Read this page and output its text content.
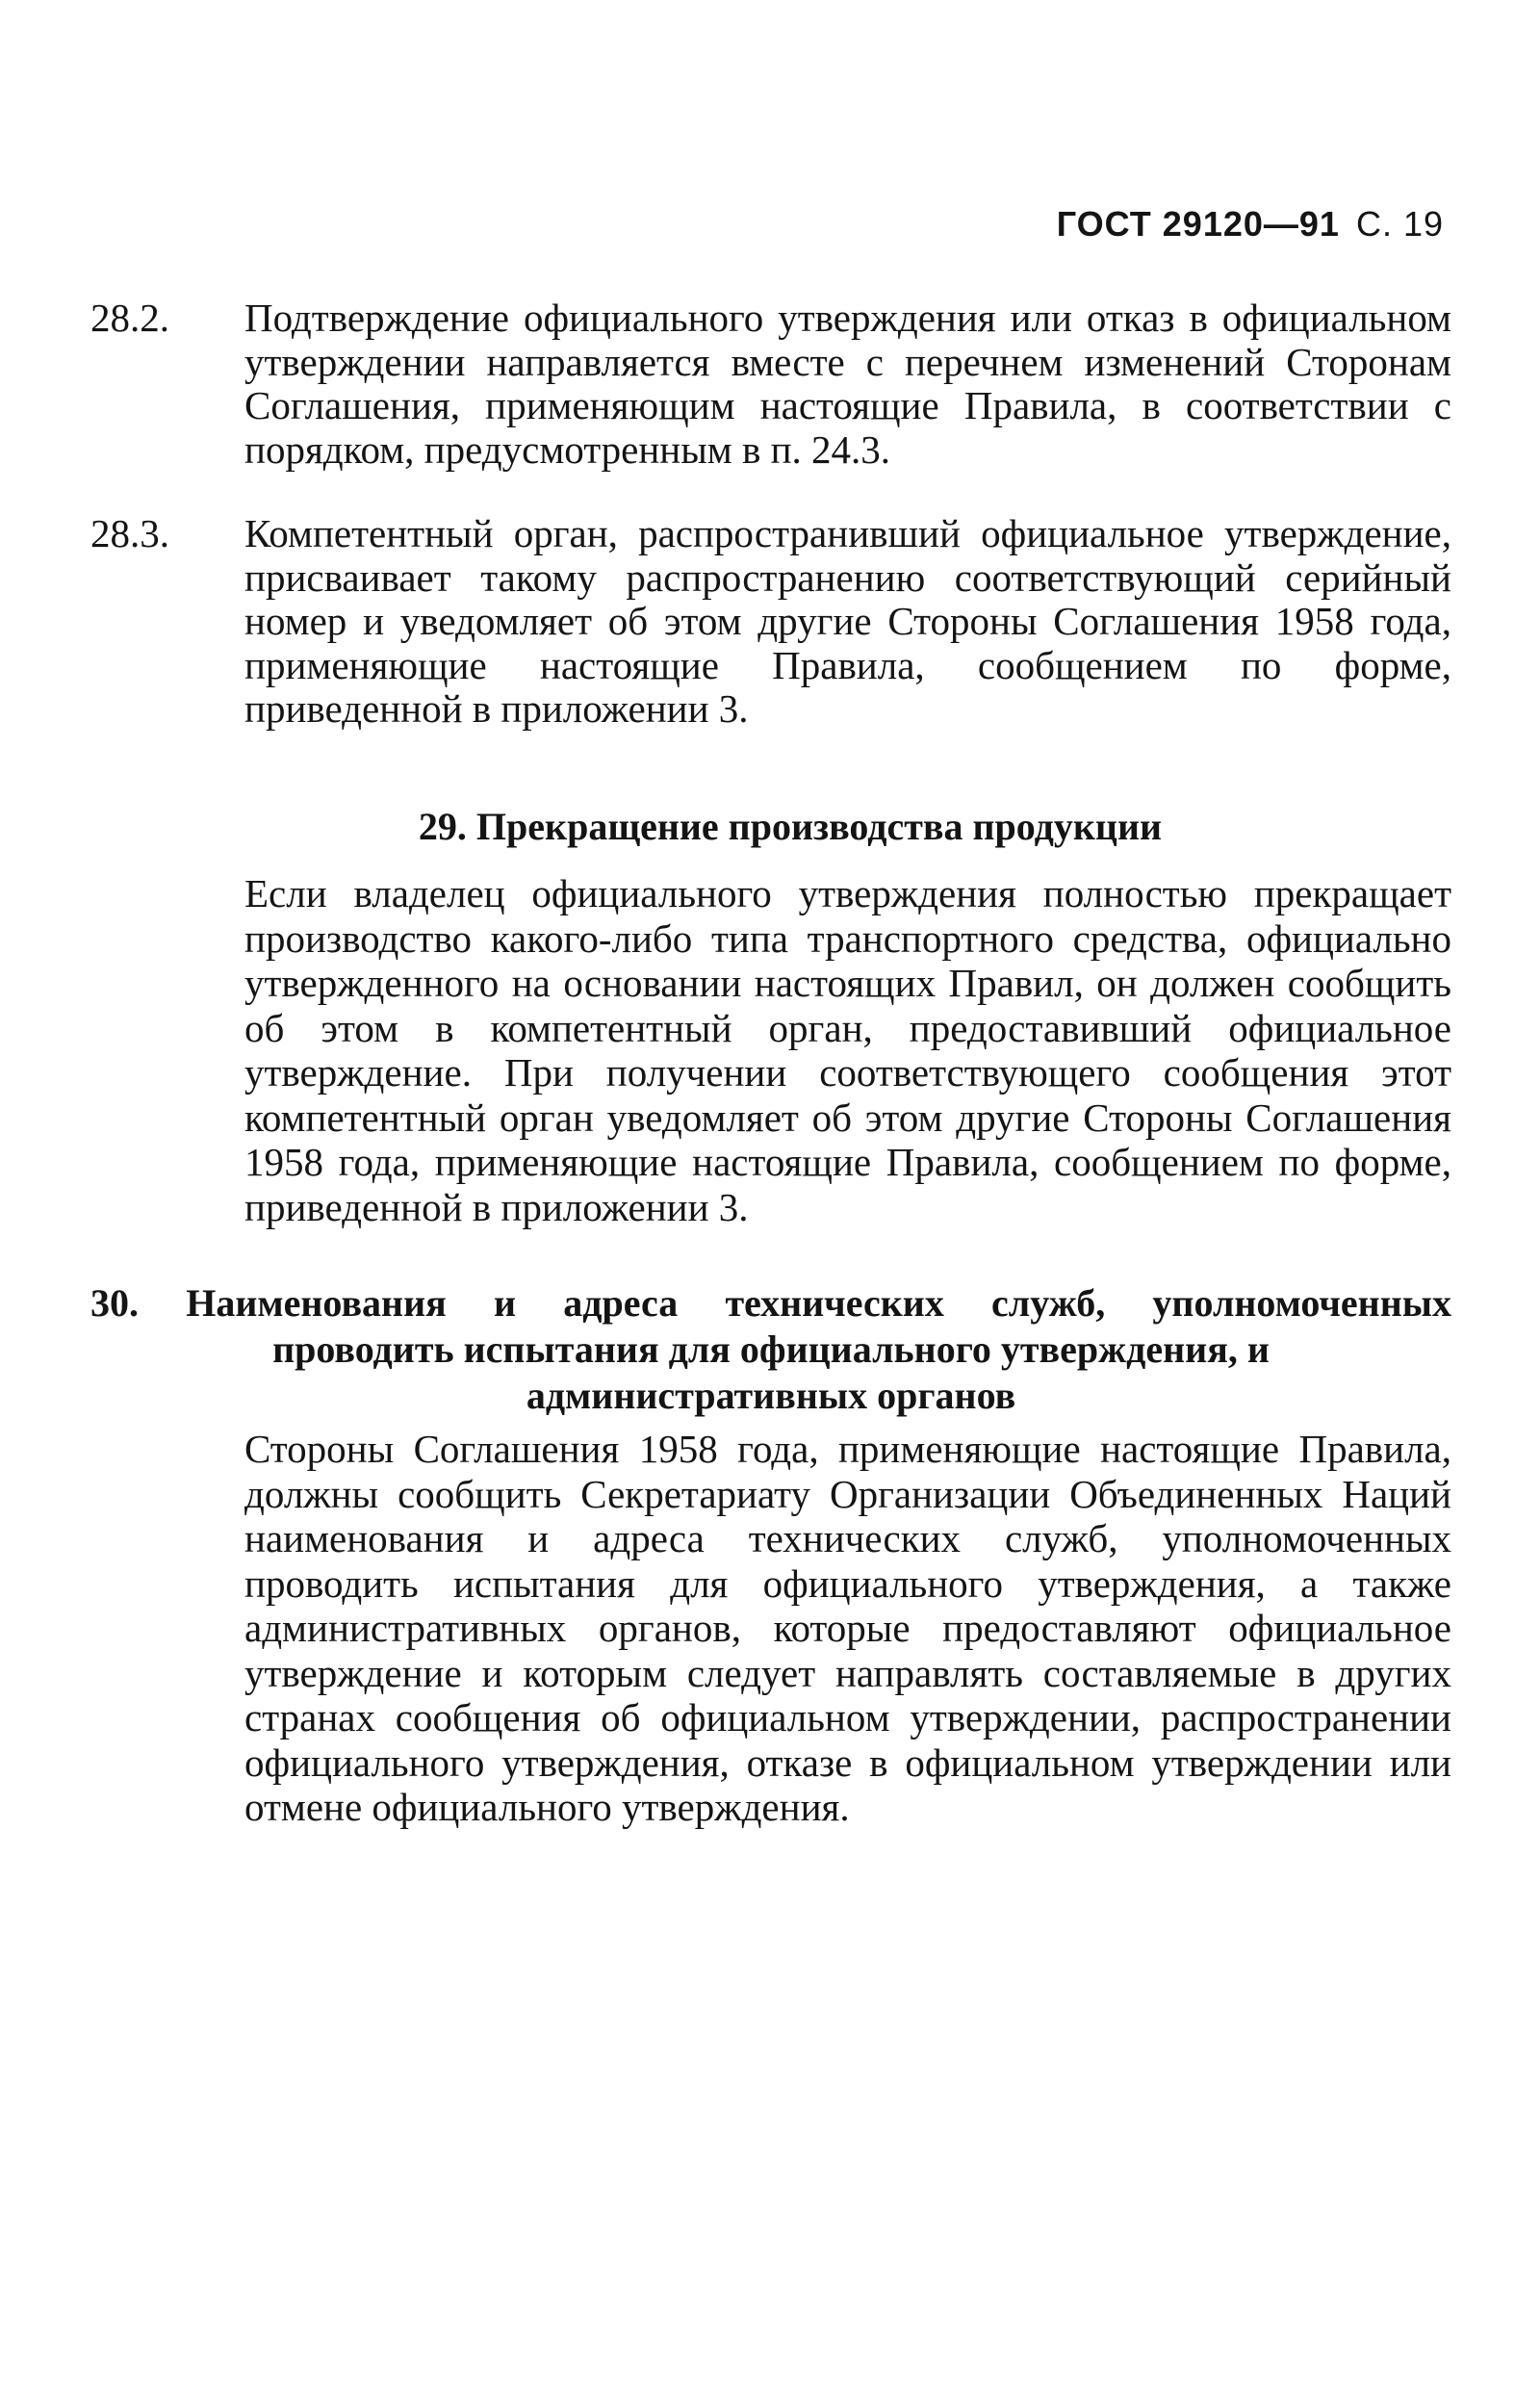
ГОСТ 29120—91 С. 19
28.2. Подтверждение официального утверждения или отказ в официальном утверждении направляется вместе с перечнем изменений Сторонам Соглашения, применяющим настоящие Правила, в соответствии с порядком, предусмотренным в п. 24.3.
28.3. Компетентный орган, распространивший официальное утверждение, присваивает такому распространению соответствующий серийный номер и уведомляет об этом другие Стороны Соглашения 1958 года, применяющие настоящие Правила, сообщением по форме, приведенной в приложении 3.
29. Прекращение производства продукции
Если владелец официального утверждения полностью прекращает производство какого-либо типа транспортного средства, официально утвержденного на основании настоящих Правил, он должен сообщить об этом в компетентный орган, предоставивший официальное утверждение. При получении соответствующего сообщения этот компетентный орган уведомляет об этом другие Стороны Соглашения 1958 года, применяющие настоящие Правила, сообщением по форме, приведенной в приложении 3.
30. Наименования и адреса технических служб, уполномоченных
проводить испытания для официального утверждения, и
административных органов
Стороны Соглашения 1958 года, применяющие настоящие Правила, должны сообщить Секретариату Организации Объединенных Наций наименования и адреса технических служб, уполномоченных проводить испытания для официального утверждения, а также административных органов, которые предоставляют официальное утверждение и которым следует направлять составляемые в других странах сообщения об официальном утверждении, распространении официального утверждения, отказе в официальном утверждении или отмене официального утверждения.
